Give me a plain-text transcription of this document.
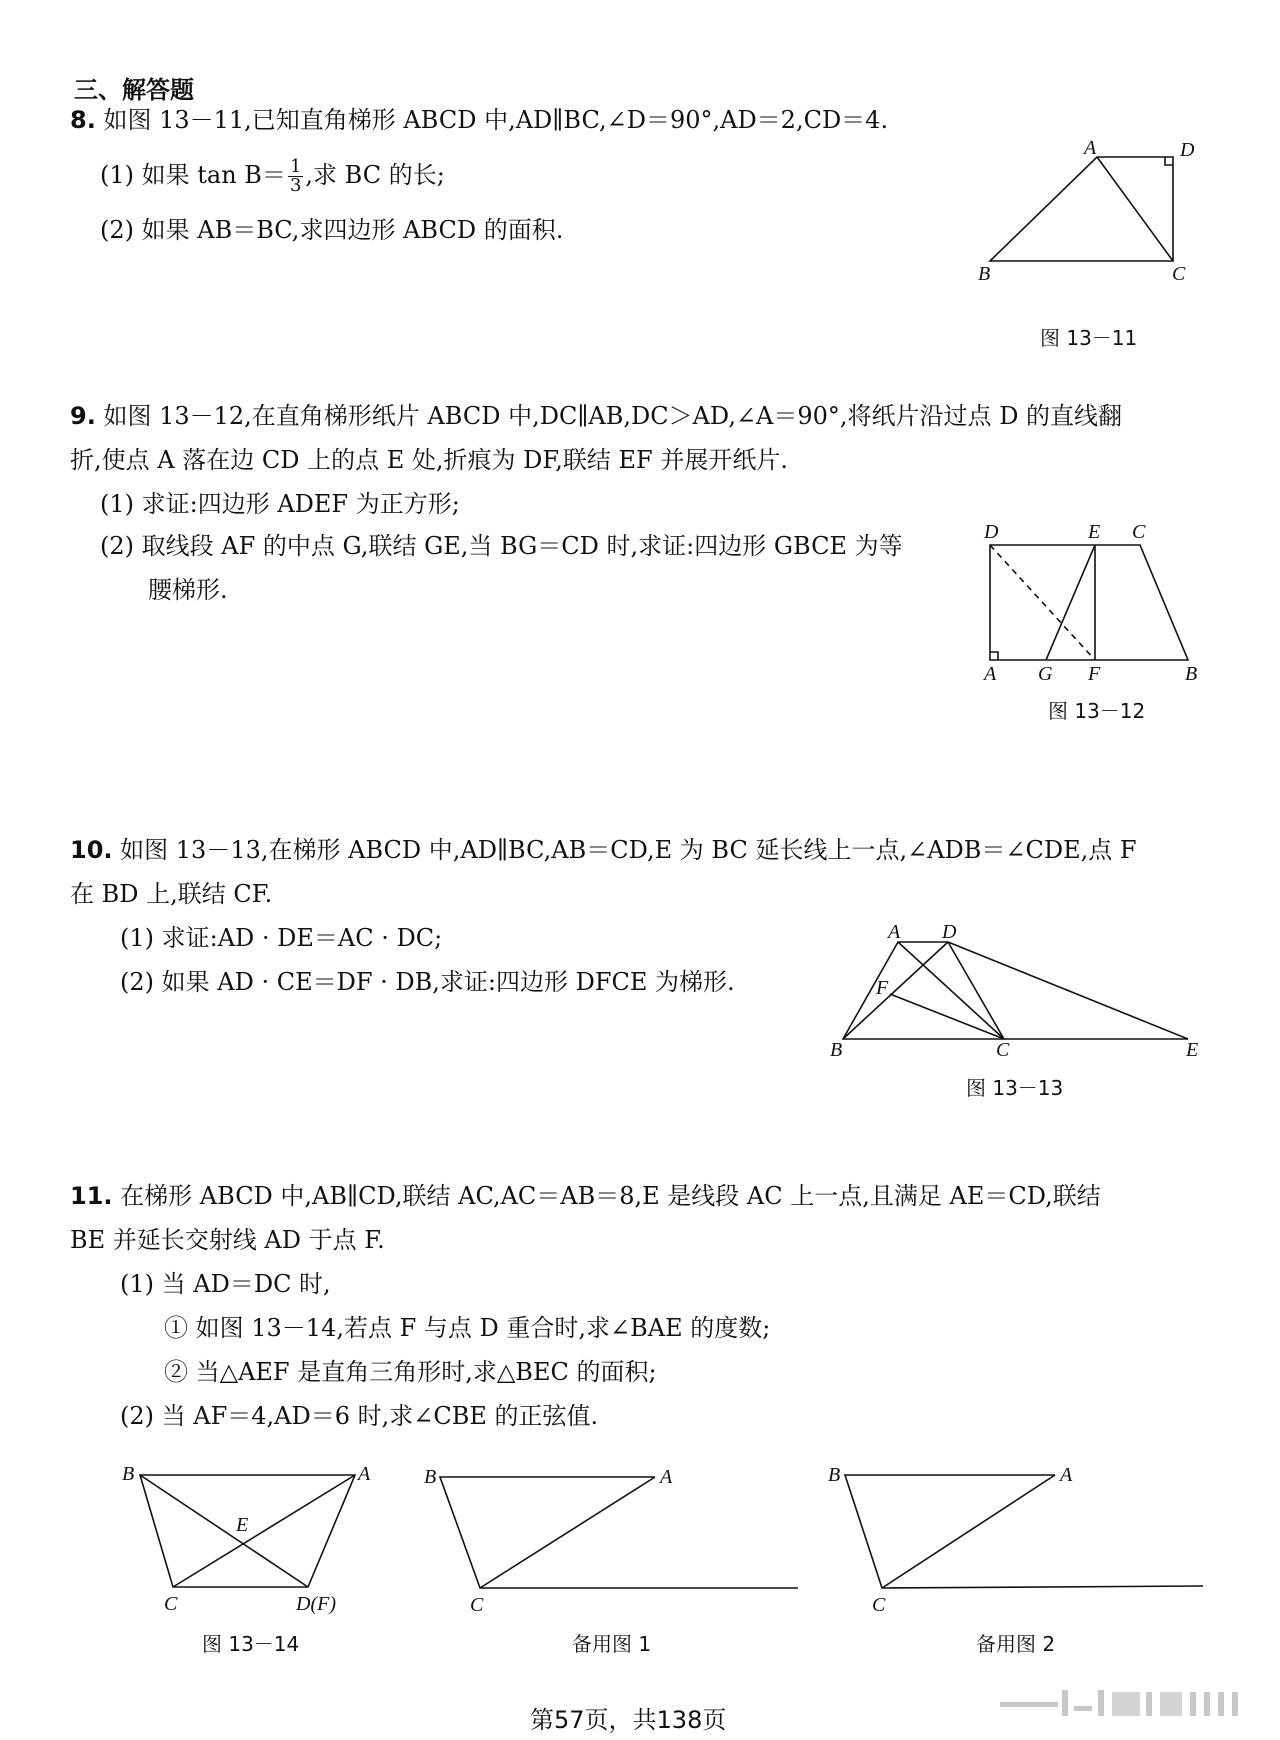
三、解答题
8. 如图 13－11,已知直角梯形 ABCD 中,AD∥BC,∠D＝90°,AD＝2,CD＝4.
(1) 如果 $\tan B= \frac{1}{3}$ ,求 BC 的长;
(2) 如果 AB＝BC,求四边形 ABCD 的面积.
A	D
B	C
图 13－11
9. 如图 13－12,在直角梯形纸片 ABCD 中,DC∥AB,DC＞AD,∠A＝90°,将纸片沿过点 D 的直线翻
折,使点 A 落在边 CD 上的点 E 处,折痕为 DF,联结 EF 并展开纸片.
(1) 求证:四边形 ADEF 为正方形;
(2) 取线段 AF 的中点 G,联结 GE,当 BG＝CD 时,求证:四边形 GBCE 为等
腰梯形.
D	E C
A G F	B
图 13－12
10. 如图 13－13,在梯形 ABCD 中,AD∥BC,AB＝CD,E 为 BC 延长线上一点,∠ADB＝∠CDE,点 F
在 BD 上,联结 CF.
(1) 求证:AD · DE＝AC · DC;
(2) 如果 AD · CE＝DF · DB,求证:四边形 DFCE 为梯形.
A D
F
B	C	E
图 13－13
11. 在梯形 ABCD 中,AB∥CD,联结 AC,AC＝AB＝8,E 是线段 AC 上一点,且满足 AE＝CD,联结
BE 并延长交射线 AD 于点 F.
(1) 当 AD＝DC 时,
① 如图 13－14,若点 F 与点 D 重合时,求∠BAE 的度数;
② 当△AEF 是直角三角形时,求△BEC 的面积;
(2) 当 AF＝4,AD＝6 时,求∠CBE 的正弦值.
B	A
E
C	D(F)
图 13－14
B	A
C
备用图 1
B	A
C
备用图 2
第57页，共138页
